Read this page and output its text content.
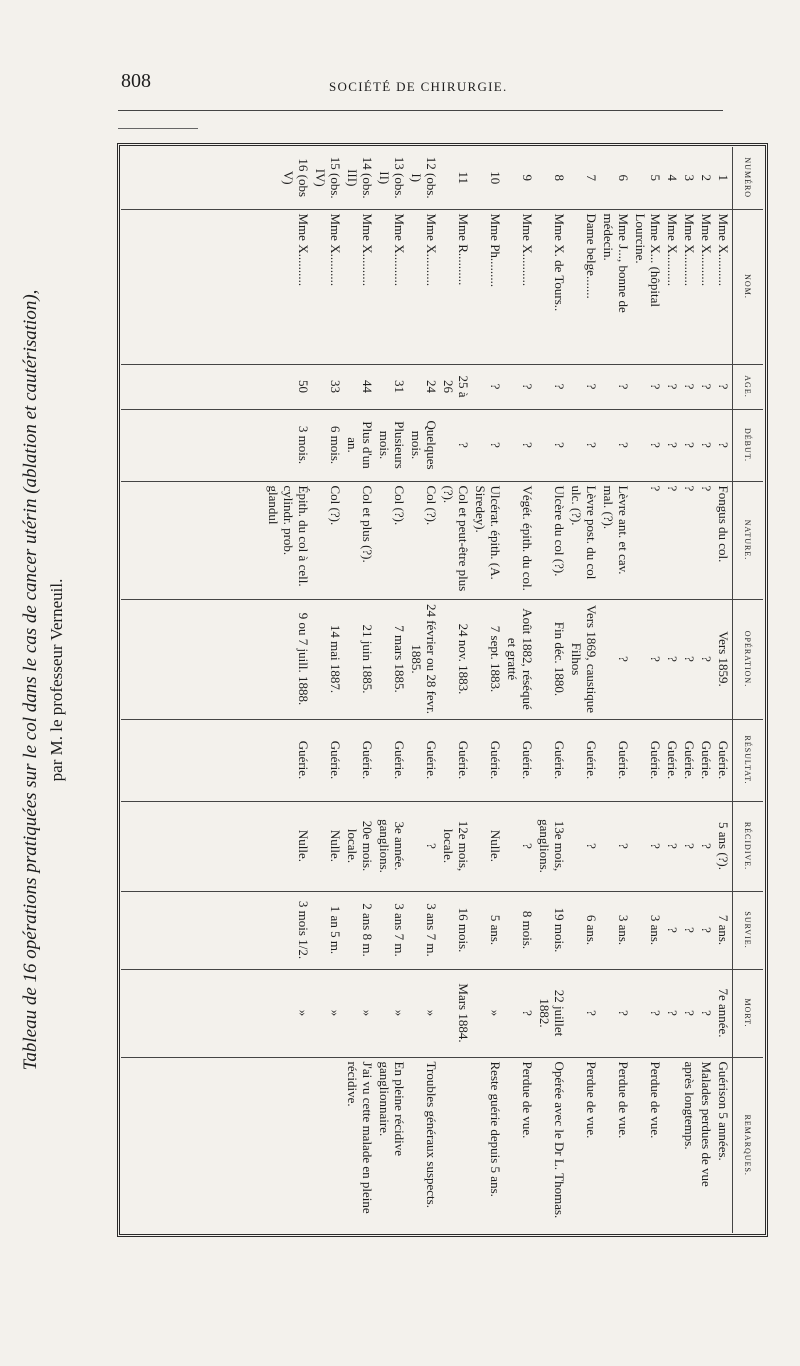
808	SOCIÉTÉ DE CHIRURGIE.
Tableau de 16 opérations pratiquées sur le col dans le cas de cancer utérin (ablation et cautérisation), par M. le professeur Verneuil.
NUMÉRO	NOM.	AGE.	DÉBUT.	NATURE.	OPÉRATION.	RÉSULTAT.	RÉCIDIVE.	SURVIE.	MORT.	REMARQUES.
1	Mme X..........	?	?	Fongus du col.	Vers 1859.	Guérie.	5 ans (?).	7 ans.	7e année.	Guérison 5 années.
2	Mme X..........	?	?	?	?	Guérie.	?	?	?	Malades perdues de vue
3	Mme X..........	?	?	?	?	Guérie.	?	?	?	après longtemps.
4	Mme X..........	?	?	?	?	Guérie.	?	?	?	
5	Mme X... (hôpital Lourcine.	?	?	?	?	Guérie.	?	3 ans.	?	Perdue de vue.
6	Mme J..., bonne de médecin.	?	?	Lèvre ant. et cav. mal. (?).	?	Guérie.	?	3 ans.	?	Perdue de vue.
7	Dame belge.......	?	?	Lèvre post. du col ulc. (?).	Vers 1869, caustique Filhos	Guérie.	?	6 ans.	?	Perdue de vue.
8	Mme X. de Tours..	?	?	Ulcère du col (?).	Fin déc. 1880.	Guérie.	13e mois, ganglions.	19 mois.	22 juillet 1882.	Opérée avec le Dr L. Thomas.
9	Mme X..........	?	?	Végét. épith. du col.	Août 1882, réséqué et gratté	Guérie.	?	8 mois.	?	Perdue de vue.
10	Mme Ph.........	?	?	Ulcérat. épith. (A. Siredey).	7 sept. 1883.	Guérie.	Nulle.	5 ans.	»	Reste guérie depuis 5 ans.
11	Mme R..........	25 à 26	?	Col et peut-être plus (?).	24 nov. 1883.	Guérie.	12e mois, locale.	16 mois.	Mars 1884.	
12 (obs. I)	Mme X..........	24	Quelques mois.	Col (?).	24 février ou 28 fevr. 1885.	Guérie.	?	3 ans 7 m.	»	Troubles généraux suspects.
13 (obs. II)	Mme X..........	31	Plusieurs mois.	Col (?).	7 mars 1885.	Guérie.	3e année. ganglions.	3 ans 7 m.	»	En pleine récidive ganglionnaire.
14 (obs. III)	Mme X..........	44	Plus d'un an.	Col et plus (?).	21 juin 1885.	Guérie.	20e mois. locale.	2 ans 8 m.	»	J'ai vu cette malade en pleine récidive.
15 (obs. IV)	Mme X..........	33	6 mois.	Col (?).	14 mai 1887.	Guérie.	Nulle.	1 an 5 m.	»	
16 (obs V)	Mme X..........	50	3 mois.	Épith. du col à cell. cylindr. prob. glandul	9 ou 7 juill. 1888.	Guérie.	Nulle.	3 mois 1/2.	»	
